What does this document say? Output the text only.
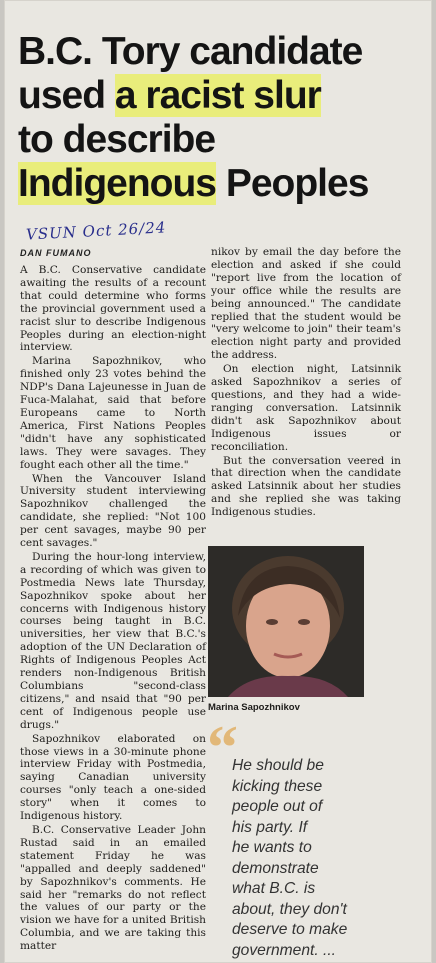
B.C. Tory candidate
used a racist slur
to describe
Indigenous Peoples
VSUN Oct 26/24
DAN FUMANO

A B.C. Conservative candidate awaiting the results of a recount that could determine who forms the provincial government used a racist slur to describe Indigenous Peoples during an election-night interview.

Marina Sapozhnikov, who finished only 23 votes behind the NDP's Dana Lajeunesse in Juan de Fuca-Malahat, said that before Europeans came to North America, First Nations Peoples "didn't have any sophisticated laws. They were savages. They fought each other all the time."

When the Vancouver Island University student interviewing Sapozhnikov challenged the candidate, she replied: "Not 100 per cent savages, maybe 90 per cent savages."

During the hour-long interview, a recording of which was given to Postmedia News late Thursday, Sapozhnikov spoke about her concerns with Indigenous history courses being taught in B.C. universities, her view that B.C.'s adoption of the UN Declaration of Rights of Indigenous Peoples Act renders non-Indigenous British Columbians "second-class citizens," and nsaid that "90 per cent of Indigenous people use drugs."

Sapozhnikov elaborated on those views in a 30-minute phone interview Friday with Postmedia, saying Canadian university courses "only teach a one-sided story" when it comes to Indigenous history.

B.C. Conservative Leader John Rustad said in an emailed statement Friday he was "appalled and deeply saddened" by Sapozhnikov's comments. He said her "remarks do not reflect the values of our party or the vision we have for a united British Columbia, and we are taking this matter

nikov by email the day before the election and asked if she could "report live from the location of your office while the results are being announced." The candidate replied that the student would be "very welcome to join" their team's election night party and provided the address.

On election night, Latsinnik asked Sapozhnikov a series of questions, and they had a wide-ranging conversation. Latsinnik didn't ask Sapozhnikov about Indigenous issues or reconciliation.

But the conversation veered in that direction when the candidate asked Latsinnik about her studies and she replied she was taking Indigenous studies.

Marina Sapozhnikov
“
He should be
kicking these
people out of
his party. If
he wants to
demonstrate
what B.C. is
about, they don't
deserve to make
government. ...
